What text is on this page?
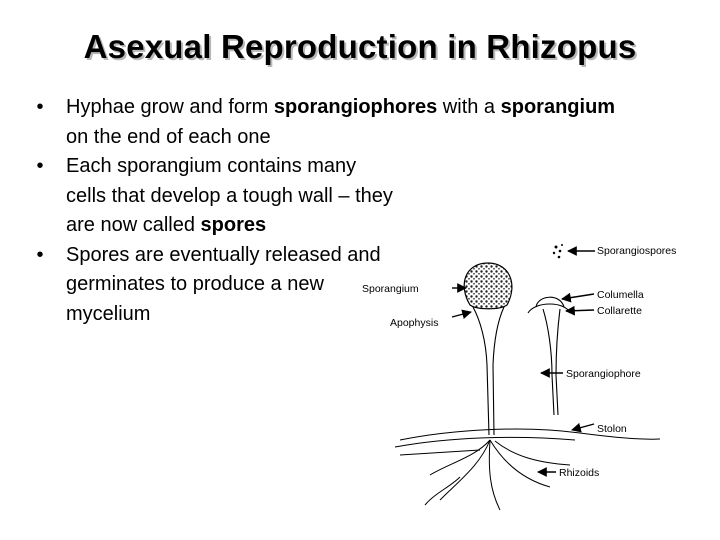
Asexual Reproduction in Rhizopus
•	Hyphae grow and form sporangiophores with a sporangium on the end of each one
•	Each sporangium contains many cells that develop a tough wall – they are now called spores
•	Spores are eventually released and germinates to produce a new mycelium
Sporangiospores
Sporangium	Columella
Collarette
Apophysis
Sporangiophore
Stolon
Rhizoids
